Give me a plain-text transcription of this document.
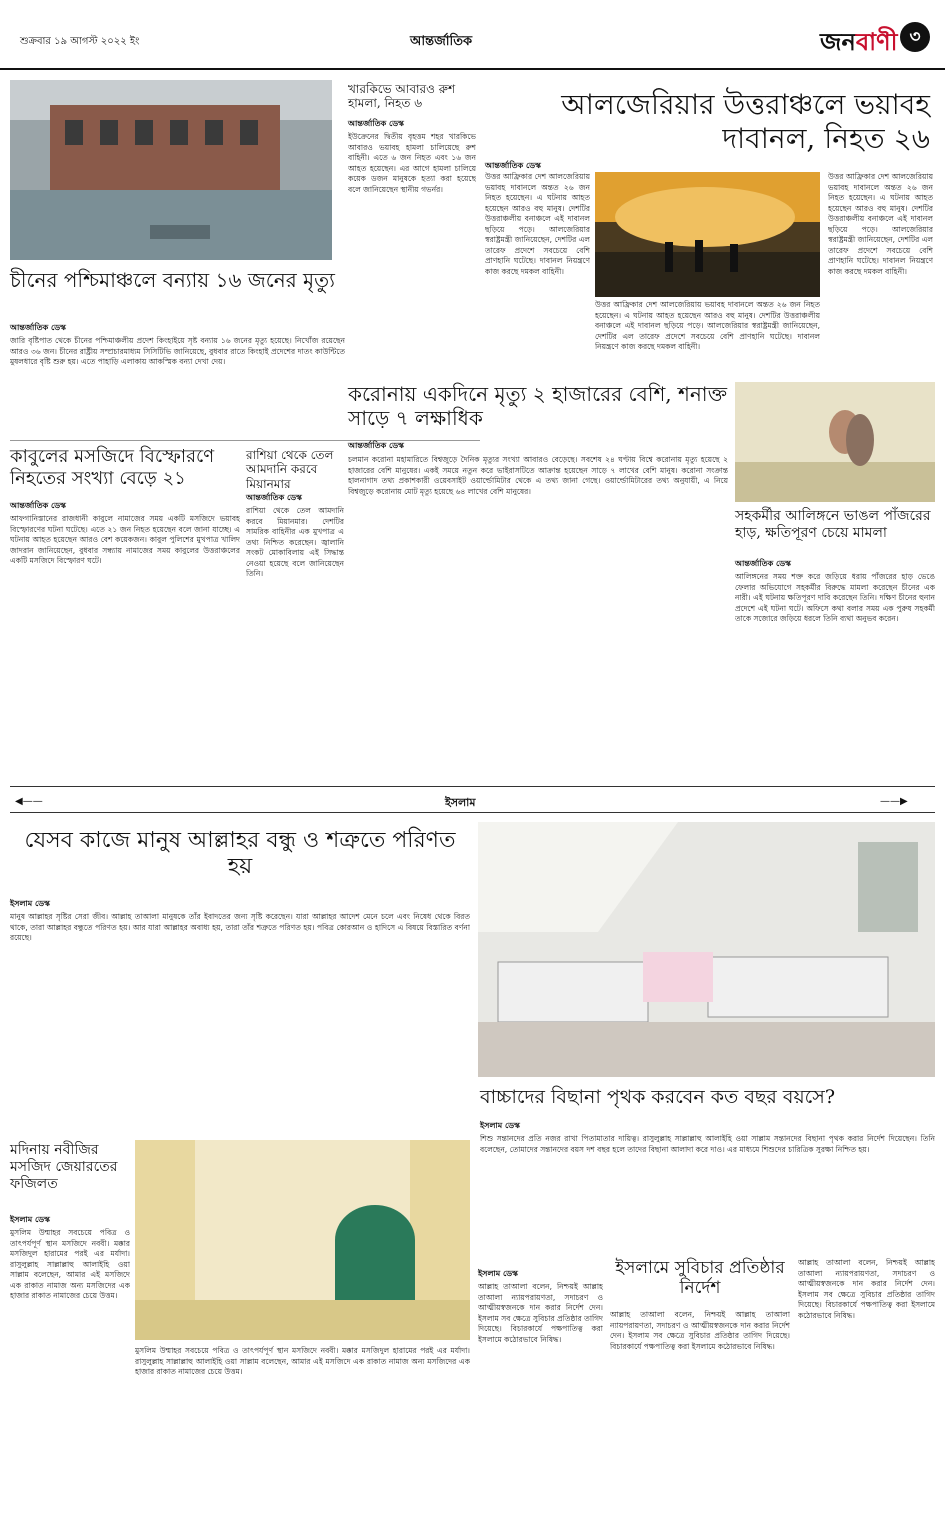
শুক্রবার ১৯ আগস্ট ২০২২ ইং	আন্তর্জাতিক	জনবাণী ৩
চীনের পশ্চিমাঞ্চলে বন্যায় ১৬ জনের মৃত্যু
আন্তর্জাতিক ডেস্ক
জারি বৃষ্টিপাত থেকে চীনের পশ্চিমাঞ্চলীয় প্রদেশ কিংহাইয়ে সৃষ্ট বন্যায় ১৬ জনের মৃত্যু হয়েছে। নিখোঁজ রয়েছেন আরও ৩৬ জন। চীনের রাষ্ট্রীয় সম্প্রচারমাধ্যম সিসিটিভি জানিয়েছে, বুধবার রাতে কিংহাই প্রদেশের দাতং কাউন্টিতে মুষলধারে বৃষ্টি শুরু হয়। এতে পাহাড়ি এলাকায় আকস্মিক বন্যা দেখা দেয়।
খারকিভে আবারও রুশ হামলা, নিহত ৬
আন্তর্জাতিক ডেস্ক
ইউক্রেনের দ্বিতীয় বৃহত্তম শহর খারকিভে আবারও ভয়াবহ হামলা চালিয়েছে রুশ বাহিনী। এতে ৬ জন নিহত এবং ১৬ জন আহত হয়েছেন। এর আগে হামলা চালিয়ে কয়েক ডজন মানুষকে হত্যা করা হয়েছে বলে জানিয়েছেন স্থানীয় গভর্নর।
আলজেরিয়ার উত্তরাঞ্চলে ভয়াবহ দাবানল, নিহত ২৬
আন্তর্জাতিক ডেস্ক
উত্তর আফ্রিকার দেশ আলজেরিয়ায় ভয়াবহ দাবানলে অন্তত ২৬ জন নিহত হয়েছেন। এ ঘটনায় আহত হয়েছেন আরও বহু মানুষ। দেশটির উত্তরাঞ্চলীয় বনাঞ্চলে এই দাবানল ছড়িয়ে পড়ে। আলজেরিয়ার স্বরাষ্ট্রমন্ত্রী জানিয়েছেন, দেশটির এল তারেফ প্রদেশে সবচেয়ে বেশি প্রাণহানি ঘটেছে। দাবানল নিয়ন্ত্রণে কাজ করছে দমকল বাহিনী।
উত্তর আফ্রিকার দেশ আলজেরিয়ায় ভয়াবহ দাবানলে অন্তত ২৬ জন নিহত হয়েছেন। এ ঘটনায় আহত হয়েছেন আরও বহু মানুষ। দেশটির উত্তরাঞ্চলীয় বনাঞ্চলে এই দাবানল ছড়িয়ে পড়ে। আলজেরিয়ার স্বরাষ্ট্রমন্ত্রী জানিয়েছেন, দেশটির এল তারেফ প্রদেশে সবচেয়ে বেশি প্রাণহানি ঘটেছে। দাবানল নিয়ন্ত্রণে কাজ করছে দমকল বাহিনী।
উত্তর আফ্রিকার দেশ আলজেরিয়ায় ভয়াবহ দাবানলে অন্তত ২৬ জন নিহত হয়েছেন। এ ঘটনায় আহত হয়েছেন আরও বহু মানুষ। দেশটির উত্তরাঞ্চলীয় বনাঞ্চলে এই দাবানল ছড়িয়ে পড়ে। আলজেরিয়ার স্বরাষ্ট্রমন্ত্রী জানিয়েছেন, দেশটির এল তারেফ প্রদেশে সবচেয়ে বেশি প্রাণহানি ঘটেছে। দাবানল নিয়ন্ত্রণে কাজ করছে দমকল বাহিনী।
করোনায় একদিনে মৃত্যু ২ হাজারের বেশি, শনাক্ত সাড়ে ৭ লক্ষাধিক
আন্তর্জাতিক ডেস্ক
চলমান করোনা মহামারিতে বিশ্বজুড়ে দৈনিক মৃত্যুর সংখ্যা আবারও বেড়েছে। সবশেষ ২৪ ঘণ্টায় বিশ্বে করোনায় মৃত্যু হয়েছে ২ হাজারের বেশি মানুষের। একই সময়ে নতুন করে ভাইরাসটিতে আক্রান্ত হয়েছেন সাড়ে ৭ লাখের বেশি মানুষ। করোনা সংক্রান্ত হালনাগাদ তথ্য প্রকাশকারী ওয়েবসাইট ওয়ার্ল্ডোমিটার থেকে এ তথ্য জানা গেছে। ওয়ার্ল্ডোমিটারের তথ্য অনুযায়ী, এ নিয়ে বিশ্বজুড়ে করোনায় মোট মৃত্যু হয়েছে ৬৪ লাখের বেশি মানুষের।
কাবুলের মসজিদে বিস্ফোরণে নিহতের সংখ্যা বেড়ে ২১
আন্তর্জাতিক ডেস্ক
আফগানিস্তানের রাজধানী কাবুলে নামাজের সময় একটি মসজিদে ভয়াবহ বিস্ফোরণের ঘটনা ঘটেছে। এতে ২১ জন নিহত হয়েছেন বলে জানা যাচ্ছে। এ ঘটনায় আহত হয়েছেন আরও বেশ কয়েকজন। কাবুল পুলিশের মুখপাত্র খালিদ জাদরান জানিয়েছেন, বুধবার সন্ধ্যায় নামাজের সময় কাবুলের উত্তরাঞ্চলের একটি মসজিদে বিস্ফোরণ ঘটে।
রাশিয়া থেকে তেল আমদানি করবে মিয়ানমার
আন্তর্জাতিক ডেস্ক
রাশিয়া থেকে তেল আমদানি করবে মিয়ানমার। দেশটির সামরিক বাহিনীর এক মুখপাত্র এ তথ্য নিশ্চিত করেছেন। জ্বালানি সংকট মোকাবিলায় এই সিদ্ধান্ত নেওয়া হয়েছে বলে জানিয়েছেন তিনি।
সহকর্মীর আলিঙ্গনে ভাঙল পাঁজরের হাড়, ক্ষতিপূরণ চেয়ে মামলা
আন্তর্জাতিক ডেস্ক
আলিঙ্গনের সময় শক্ত করে জড়িয়ে ধরায় পাঁজরের হাড় ভেঙে ফেলার অভিযোগে সহকর্মীর বিরুদ্ধে মামলা করেছেন চীনের এক নারী। এই ঘটনায় ক্ষতিপূরণ দাবি করেছেন তিনি। দক্ষিণ চীনের হুনান প্রদেশে এই ঘটনা ঘটে। অফিসে কথা বলার সময় এক পুরুষ সহকর্মী তাকে সজোরে জড়িয়ে ধরলে তিনি ব্যথা অনুভব করেন।
◀——	ইসলাম	——▶
যেসব কাজে মানুষ আল্লাহর বন্ধু ও শত্রুতে পরিণত হয়
ইসলাম ডেস্ক
মানুষ আল্লাহর সৃষ্টির সেরা জীব। আল্লাহ তাআলা মানুষকে তাঁর ইবাদতের জন্য সৃষ্টি করেছেন। যারা আল্লাহর আদেশ মেনে চলে এবং নিষেধ থেকে বিরত থাকে, তারা আল্লাহর বন্ধুতে পরিণত হয়। আর যারা আল্লাহর অবাধ্য হয়, তারা তাঁর শত্রুতে পরিণত হয়। পবিত্র কোরআন ও হাদিসে এ বিষয়ে বিস্তারিত বর্ণনা রয়েছে।
বাচ্চাদের বিছানা পৃথক করবেন কত বছর বয়সে?
ইসলাম ডেস্ক
শিশু সন্তানদের প্রতি নজর রাখা পিতামাতার দায়িত্ব। রাসুলুল্লাহ সাল্লাল্লাহু আলাইহি ওয়া সাল্লাম সন্তানদের বিছানা পৃথক করার নির্দেশ দিয়েছেন। তিনি বলেছেন, তোমাদের সন্তানদের বয়স দশ বছর হলে তাদের বিছানা আলাদা করে দাও। এর মাধ্যমে শিশুদের চারিত্রিক সুরক্ষা নিশ্চিত হয়।
মদিনায় নবীজির মসজিদ জেয়ারতের ফজিলত
ইসলাম ডেস্ক
মুসলিম উম্মাহর সবচেয়ে পবিত্র ও তাৎপর্যপূর্ণ স্থান মসজিদে নববী। মক্কার মসজিদুল হারামের পরই এর মর্যাদা। রাসুলুল্লাহ সাল্লাল্লাহু আলাইহি ওয়া সাল্লাম বলেছেন, আমার এই মসজিদে এক রাকাত নামাজ অন্য মসজিদের এক হাজার রাকাত নামাজের চেয়ে উত্তম।
মুসলিম উম্মাহর সবচেয়ে পবিত্র ও তাৎপর্যপূর্ণ স্থান মসজিদে নববী। মক্কার মসজিদুল হারামের পরই এর মর্যাদা। রাসুলুল্লাহ সাল্লাল্লাহু আলাইহি ওয়া সাল্লাম বলেছেন, আমার এই মসজিদে এক রাকাত নামাজ অন্য মসজিদের এক হাজার রাকাত নামাজের চেয়ে উত্তম।
ইসলামে সুবিচার প্রতিষ্ঠার নির্দেশ
ইসলাম ডেস্ক
আল্লাহ তাআলা বলেন, নিশ্চয়ই আল্লাহ তাআলা ন্যায়পরায়ণতা, সদাচরণ ও আত্মীয়স্বজনকে দান করার নির্দেশ দেন। ইসলাম সব ক্ষেত্রে সুবিচার প্রতিষ্ঠার তাগিদ দিয়েছে। বিচারকার্যে পক্ষপাতিত্ব করা ইসলামে কঠোরভাবে নিষিদ্ধ।
আল্লাহ তাআলা বলেন, নিশ্চয়ই আল্লাহ তাআলা ন্যায়পরায়ণতা, সদাচরণ ও আত্মীয়স্বজনকে দান করার নির্দেশ দেন। ইসলাম সব ক্ষেত্রে সুবিচার প্রতিষ্ঠার তাগিদ দিয়েছে। বিচারকার্যে পক্ষপাতিত্ব করা ইসলামে কঠোরভাবে নিষিদ্ধ।
আল্লাহ তাআলা বলেন, নিশ্চয়ই আল্লাহ তাআলা ন্যায়পরায়ণতা, সদাচরণ ও আত্মীয়স্বজনকে দান করার নির্দেশ দেন। ইসলাম সব ক্ষেত্রে সুবিচার প্রতিষ্ঠার তাগিদ দিয়েছে। বিচারকার্যে পক্ষপাতিত্ব করা ইসলামে কঠোরভাবে নিষিদ্ধ।
